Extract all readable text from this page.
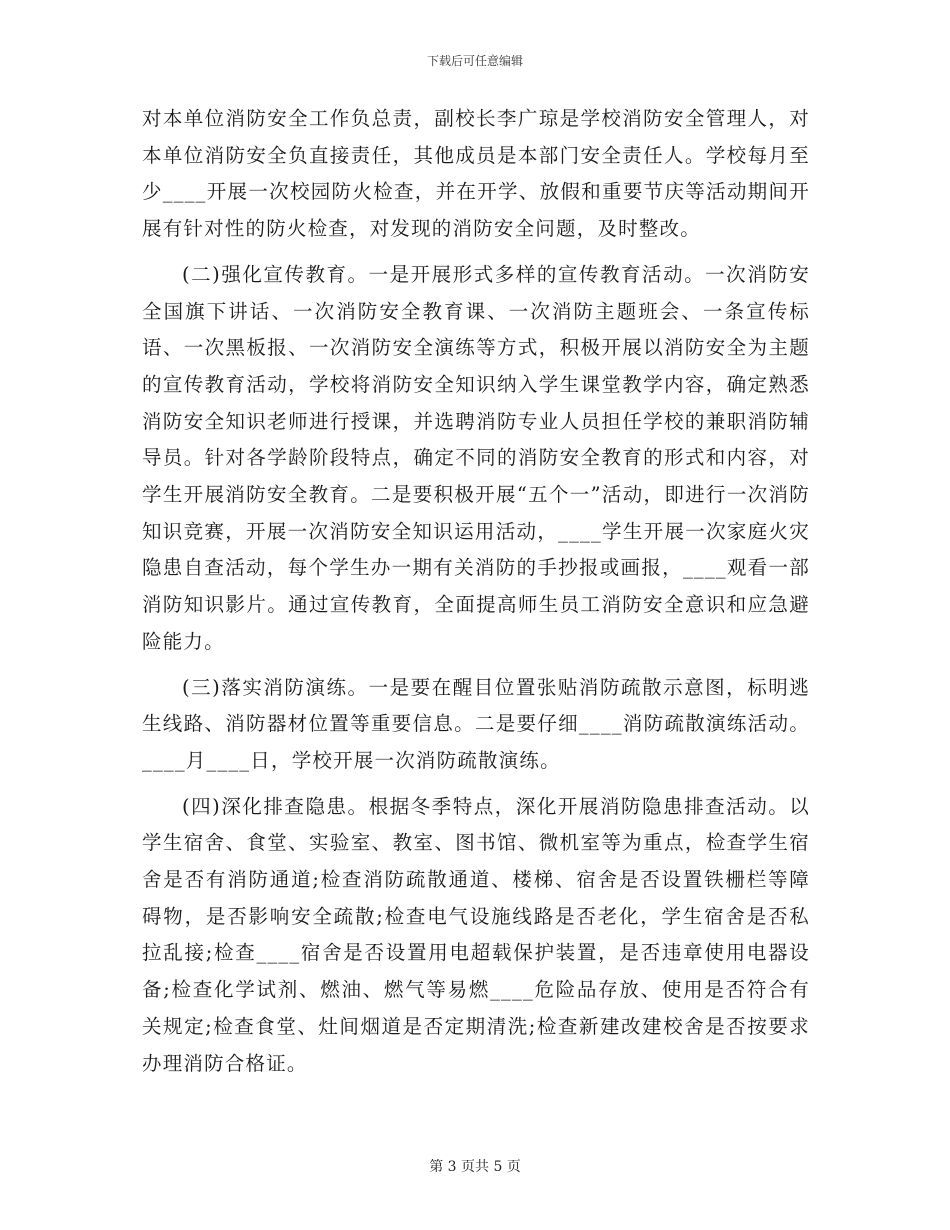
下载后可任意编辑

对本单位消防安全工作负总责，副校长李广琼是学校消防安全管理人，对本单位消防安全负直接责任，其他成员是本部门安全责任人。学校每月至少____开展一次校园防火检查，并在开学、放假和重要节庆等活动期间开展有针对性的防火检查，对发现的消防安全问题，及时整改。

(二)强化宣传教育。一是开展形式多样的宣传教育活动。一次消防安全国旗下讲话、一次消防安全教育课、一次消防主题班会、一条宣传标语、一次黑板报、一次消防安全演练等方式，积极开展以消防安全为主题的宣传教育活动，学校将消防安全知识纳入学生课堂教学内容，确定熟悉消防安全知识老师进行授课，并选聘消防专业人员担任学校的兼职消防辅导员。针对各学龄阶段特点，确定不同的消防安全教育的形式和内容，对学生开展消防安全教育。二是要积极开展“五个一”活动，即进行一次消防知识竞赛，开展一次消防安全知识运用活动，____学生开展一次家庭火灾隐患自查活动，每个学生办一期有关消防的手抄报或画报，____观看一部消防知识影片。通过宣传教育，全面提高师生员工消防安全意识和应急避险能力。

(三)落实消防演练。一是要在醒目位置张贴消防疏散示意图，标明逃生线路、消防器材位置等重要信息。二是要仔细____消防疏散演练活动。____月____日，学校开展一次消防疏散演练。

(四)深化排查隐患。根据冬季特点，深化开展消防隐患排查活动。以学生宿舍、食堂、实验室、教室、图书馆、微机室等为重点，检查学生宿舍是否有消防通道;检查消防疏散通道、楼梯、宿舍是否设置铁栅栏等障碍物，是否影响安全疏散;检查电气设施线路是否老化，学生宿舍是否私拉乱接;检查____宿舍是否设置用电超载保护装置，是否违章使用电器设备;检查化学试剂、燃油、燃气等易燃____危险品存放、使用是否符合有关规定;检查食堂、灶间烟道是否定期清洗;检查新建改建校舍是否按要求办理消防合格证。

第 3 页共 5 页
